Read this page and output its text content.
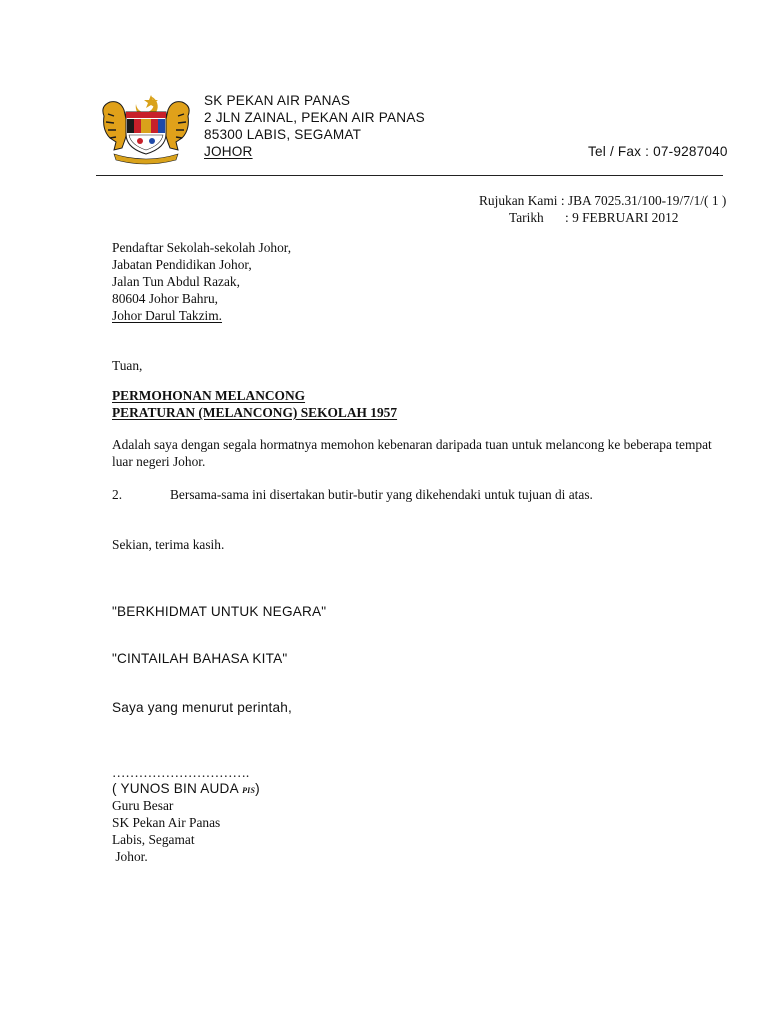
SK PEKAN AIR PANAS
2 JLN ZAINAL, PEKAN AIR PANAS
85300 LABIS, SEGAMAT
JOHOR	Tel / Fax : 07-9287040
Rujukan Kami : JBA 7025.31/100-19/7/1/( 1 )
Tarikh : 9 FEBRUARI 2012
Pendaftar Sekolah-sekolah Johor,
Jabatan Pendidikan Johor,
Jalan Tun Abdul Razak,
80604 Johor Bahru,
Johor Darul Takzim.
Tuan,
PERMOHONAN MELANCONG
PERATURAN (MELANCONG) SEKOLAH 1957
Adalah saya dengan segala hormatnya memohon kebenaran daripada tuan untuk melancong ke beberapa tempat
luar negeri Johor.
2.	Bersama-sama ini disertakan butir-butir yang dikehendaki untuk tujuan di atas.
Sekian, terima kasih.
"BERKHIDMAT UNTUK NEGARA"
"CINTAILAH BAHASA KITA"
Saya yang menurut perintah,
………………………….
( YUNOS BIN AUDA PIS)
Guru Besar
SK Pekan Air Panas
Labis, Segamat
Johor.
